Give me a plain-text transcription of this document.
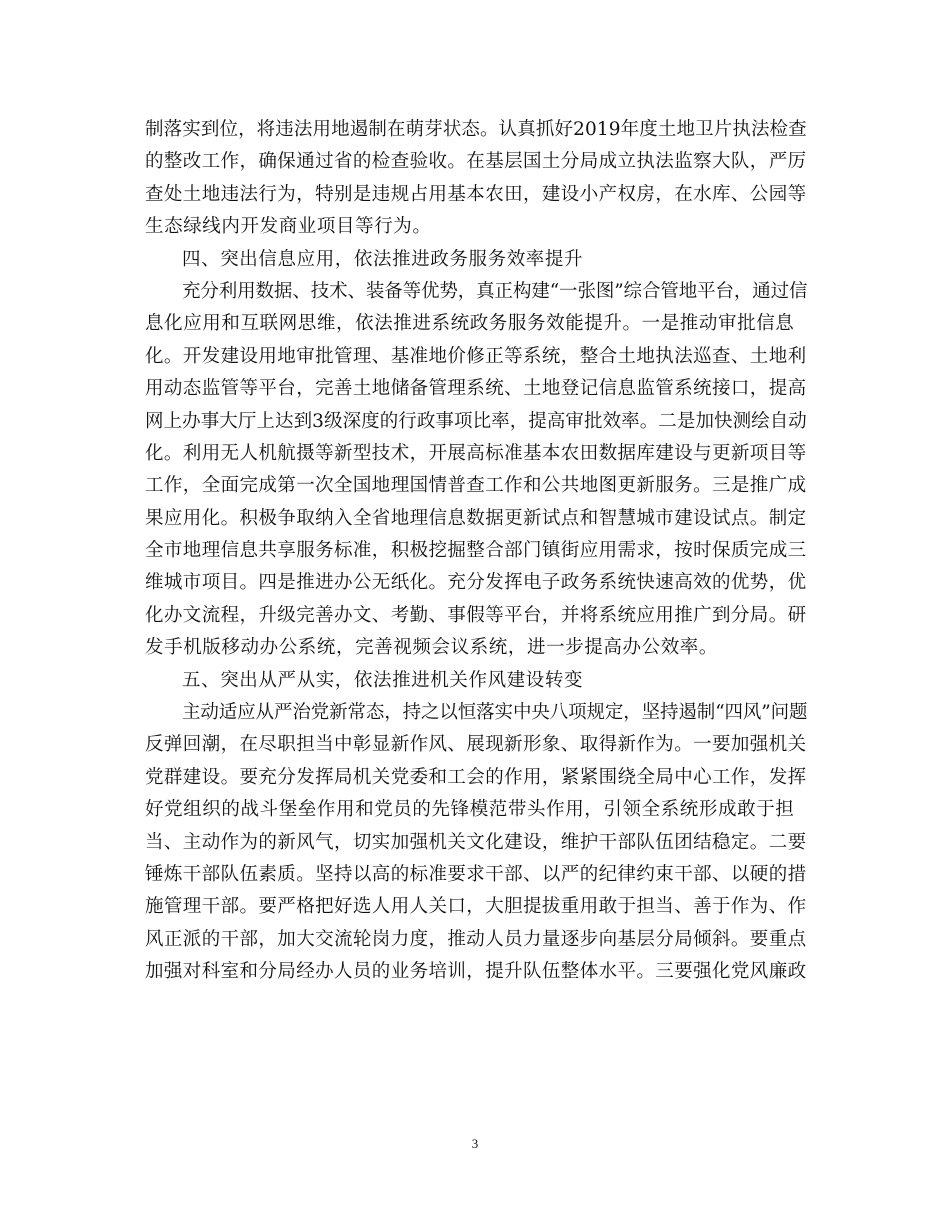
制落实到位，将违法用地遏制在萌芽状态。认真抓好2019年度土地卫片执法检查
的整改工作，确保通过省的检查验收。在基层国土分局成立执法监察大队，严厉
查处土地违法行为，特别是违规占用基本农田，建设小产权房，在水库、公园等
生态绿线内开发商业项目等行为。
四、突出信息应用，依法推进政务服务效率提升
充分利用数据、技术、装备等优势，真正构建“一张图”综合管地平台，通过信
息化应用和互联网思维，依法推进系统政务服务效能提升。一是推动审批信息
化。开发建设用地审批管理、基准地价修正等系统，整合土地执法巡查、土地利
用动态监管等平台，完善土地储备管理系统、土地登记信息监管系统接口，提高
网上办事大厅上达到3级深度的行政事项比率，提高审批效率。二是加快测绘自动
化。利用无人机航摄等新型技术，开展高标准基本农田数据库建设与更新项目等
工作，全面完成第一次全国地理国情普查工作和公共地图更新服务。三是推广成
果应用化。积极争取纳入全省地理信息数据更新试点和智慧城市建设试点。制定
全市地理信息共享服务标准，积极挖掘整合部门镇街应用需求，按时保质完成三
维城市项目。四是推进办公无纸化。充分发挥电子政务系统快速高效的优势，优
化办文流程，升级完善办文、考勤、事假等平台，并将系统应用推广到分局。研
发手机版移动办公系统，完善视频会议系统，进一步提高办公效率。
五、突出从严从实，依法推进机关作风建设转变
主动适应从严治党新常态，持之以恒落实中央八项规定，坚持遏制“四风”问题
反弹回潮，在尽职担当中彰显新作风、展现新形象、取得新作为。一要加强机关
党群建设。要充分发挥局机关党委和工会的作用，紧紧围绕全局中心工作，发挥
好党组织的战斗堡垒作用和党员的先锋模范带头作用，引领全系统形成敢于担
当、主动作为的新风气，切实加强机关文化建设，维护干部队伍团结稳定。二要
锤炼干部队伍素质。坚持以高的标准要求干部、以严的纪律约束干部、以硬的措
施管理干部。要严格把好选人用人关口，大胆提拔重用敢于担当、善于作为、作
风正派的干部，加大交流轮岗力度，推动人员力量逐步向基层分局倾斜。要重点
加强对科室和分局经办人员的业务培训，提升队伍整体水平。三要强化党风廉政
3
